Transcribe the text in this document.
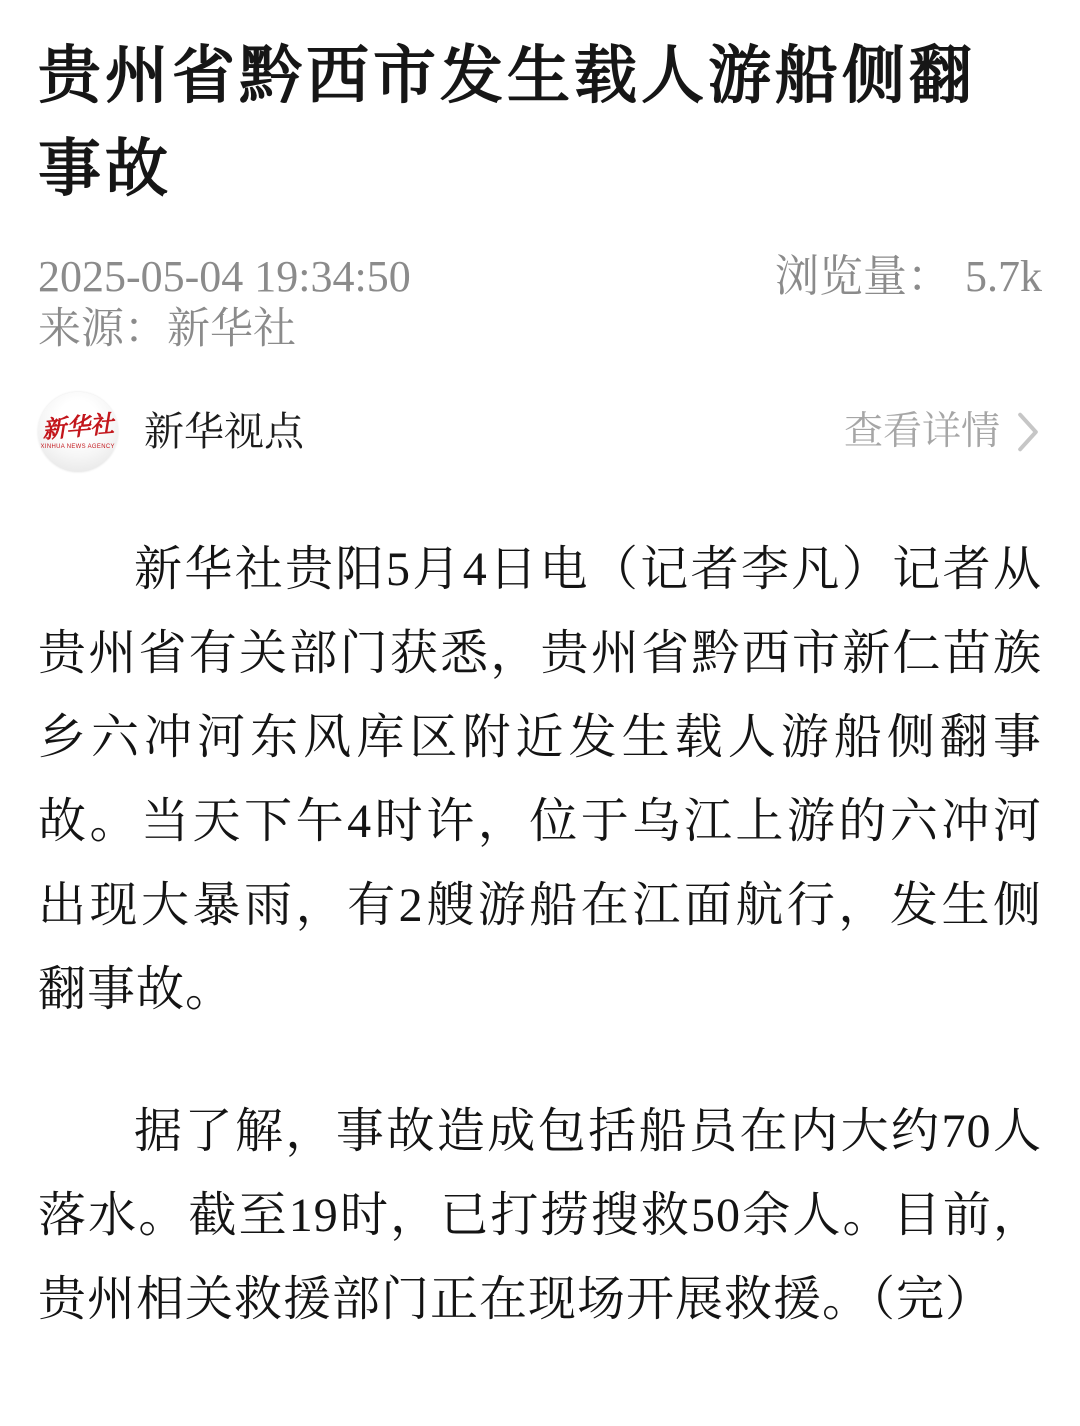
贵州省黔西市发生载人游船侧翻事故
2025-05-04 19:34:50	浏览量： 5.7k
来源：新华社
新华社
XINHUA NEWS AGENCY 新华视点	查看详情

新华社贵阳5月4日电（记者李凡）记者从贵州省有关部门获悉，贵州省黔西市新仁苗族乡六冲河东风库区附近发生载人游船侧翻事故。当天下午4时许，位于乌江上游的六冲河出现大暴雨，有2艘游船在江面航行，发生侧翻事故。

据了解，事故造成包括船员在内大约70人落水。截至19时，已打捞搜救50余人。目前，贵州相关救援部门正在现场开展救援。（完）
